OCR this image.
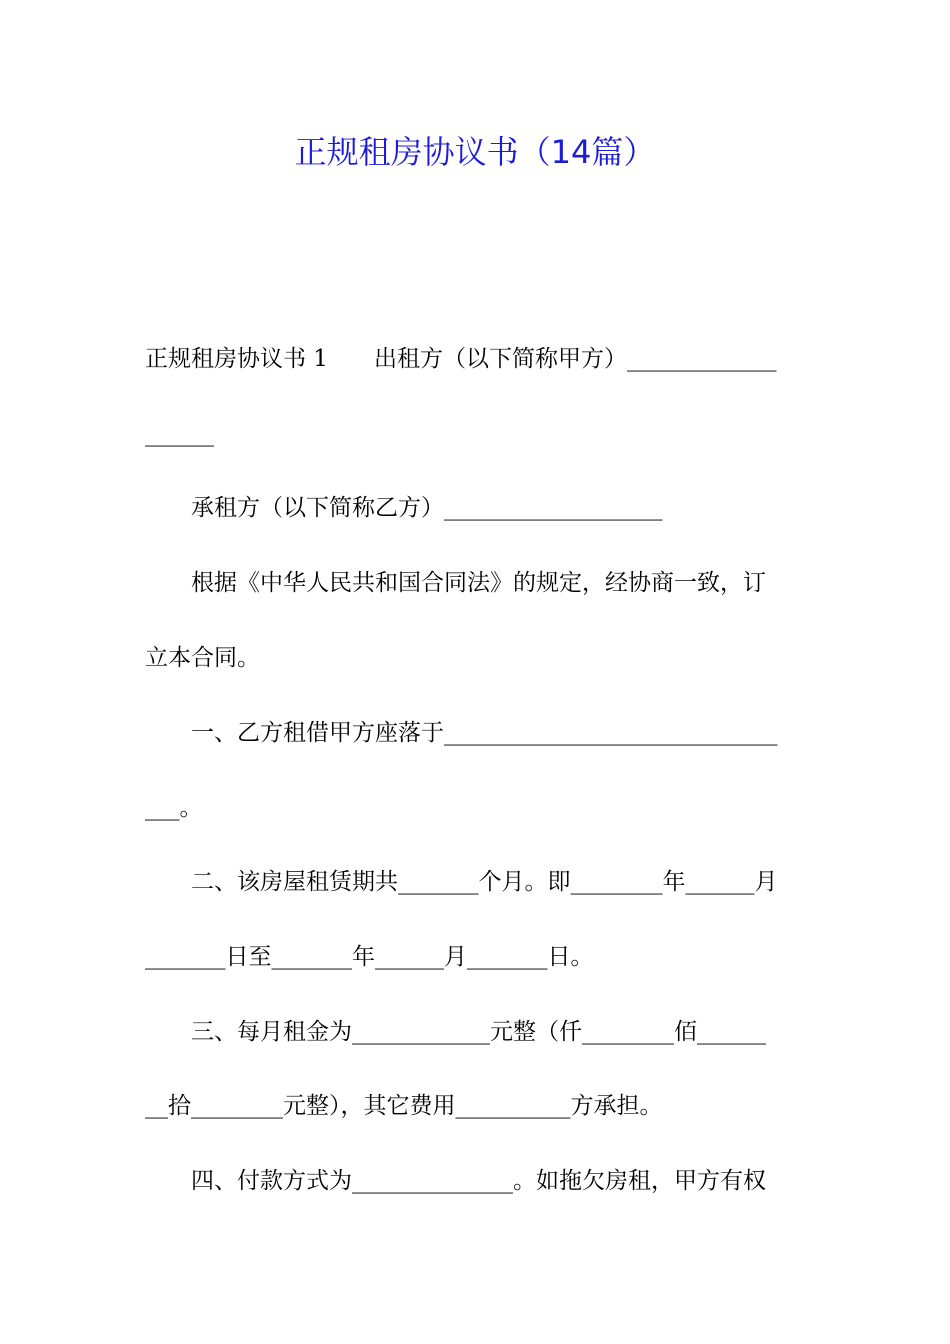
正规租房协议书（14篇）
正规租房协议书 1　　出租方（以下简称甲方）_____________
______
　　承租方（以下简称乙方）___________________
　　根据《中华人民共和国合同法》的规定，经协商一致，订
立本合同。
　　一、乙方租借甲方座落于_____________________________
___。
　　二、该房屋租赁期共_______个月。即________年______月
_______日至_______年______月_______日。
　　三、每月租金为____________元整（仟________佰______
__拾________元整），其它费用__________方承担。
　　四、付款方式为______________。如拖欠房租，甲方有权
